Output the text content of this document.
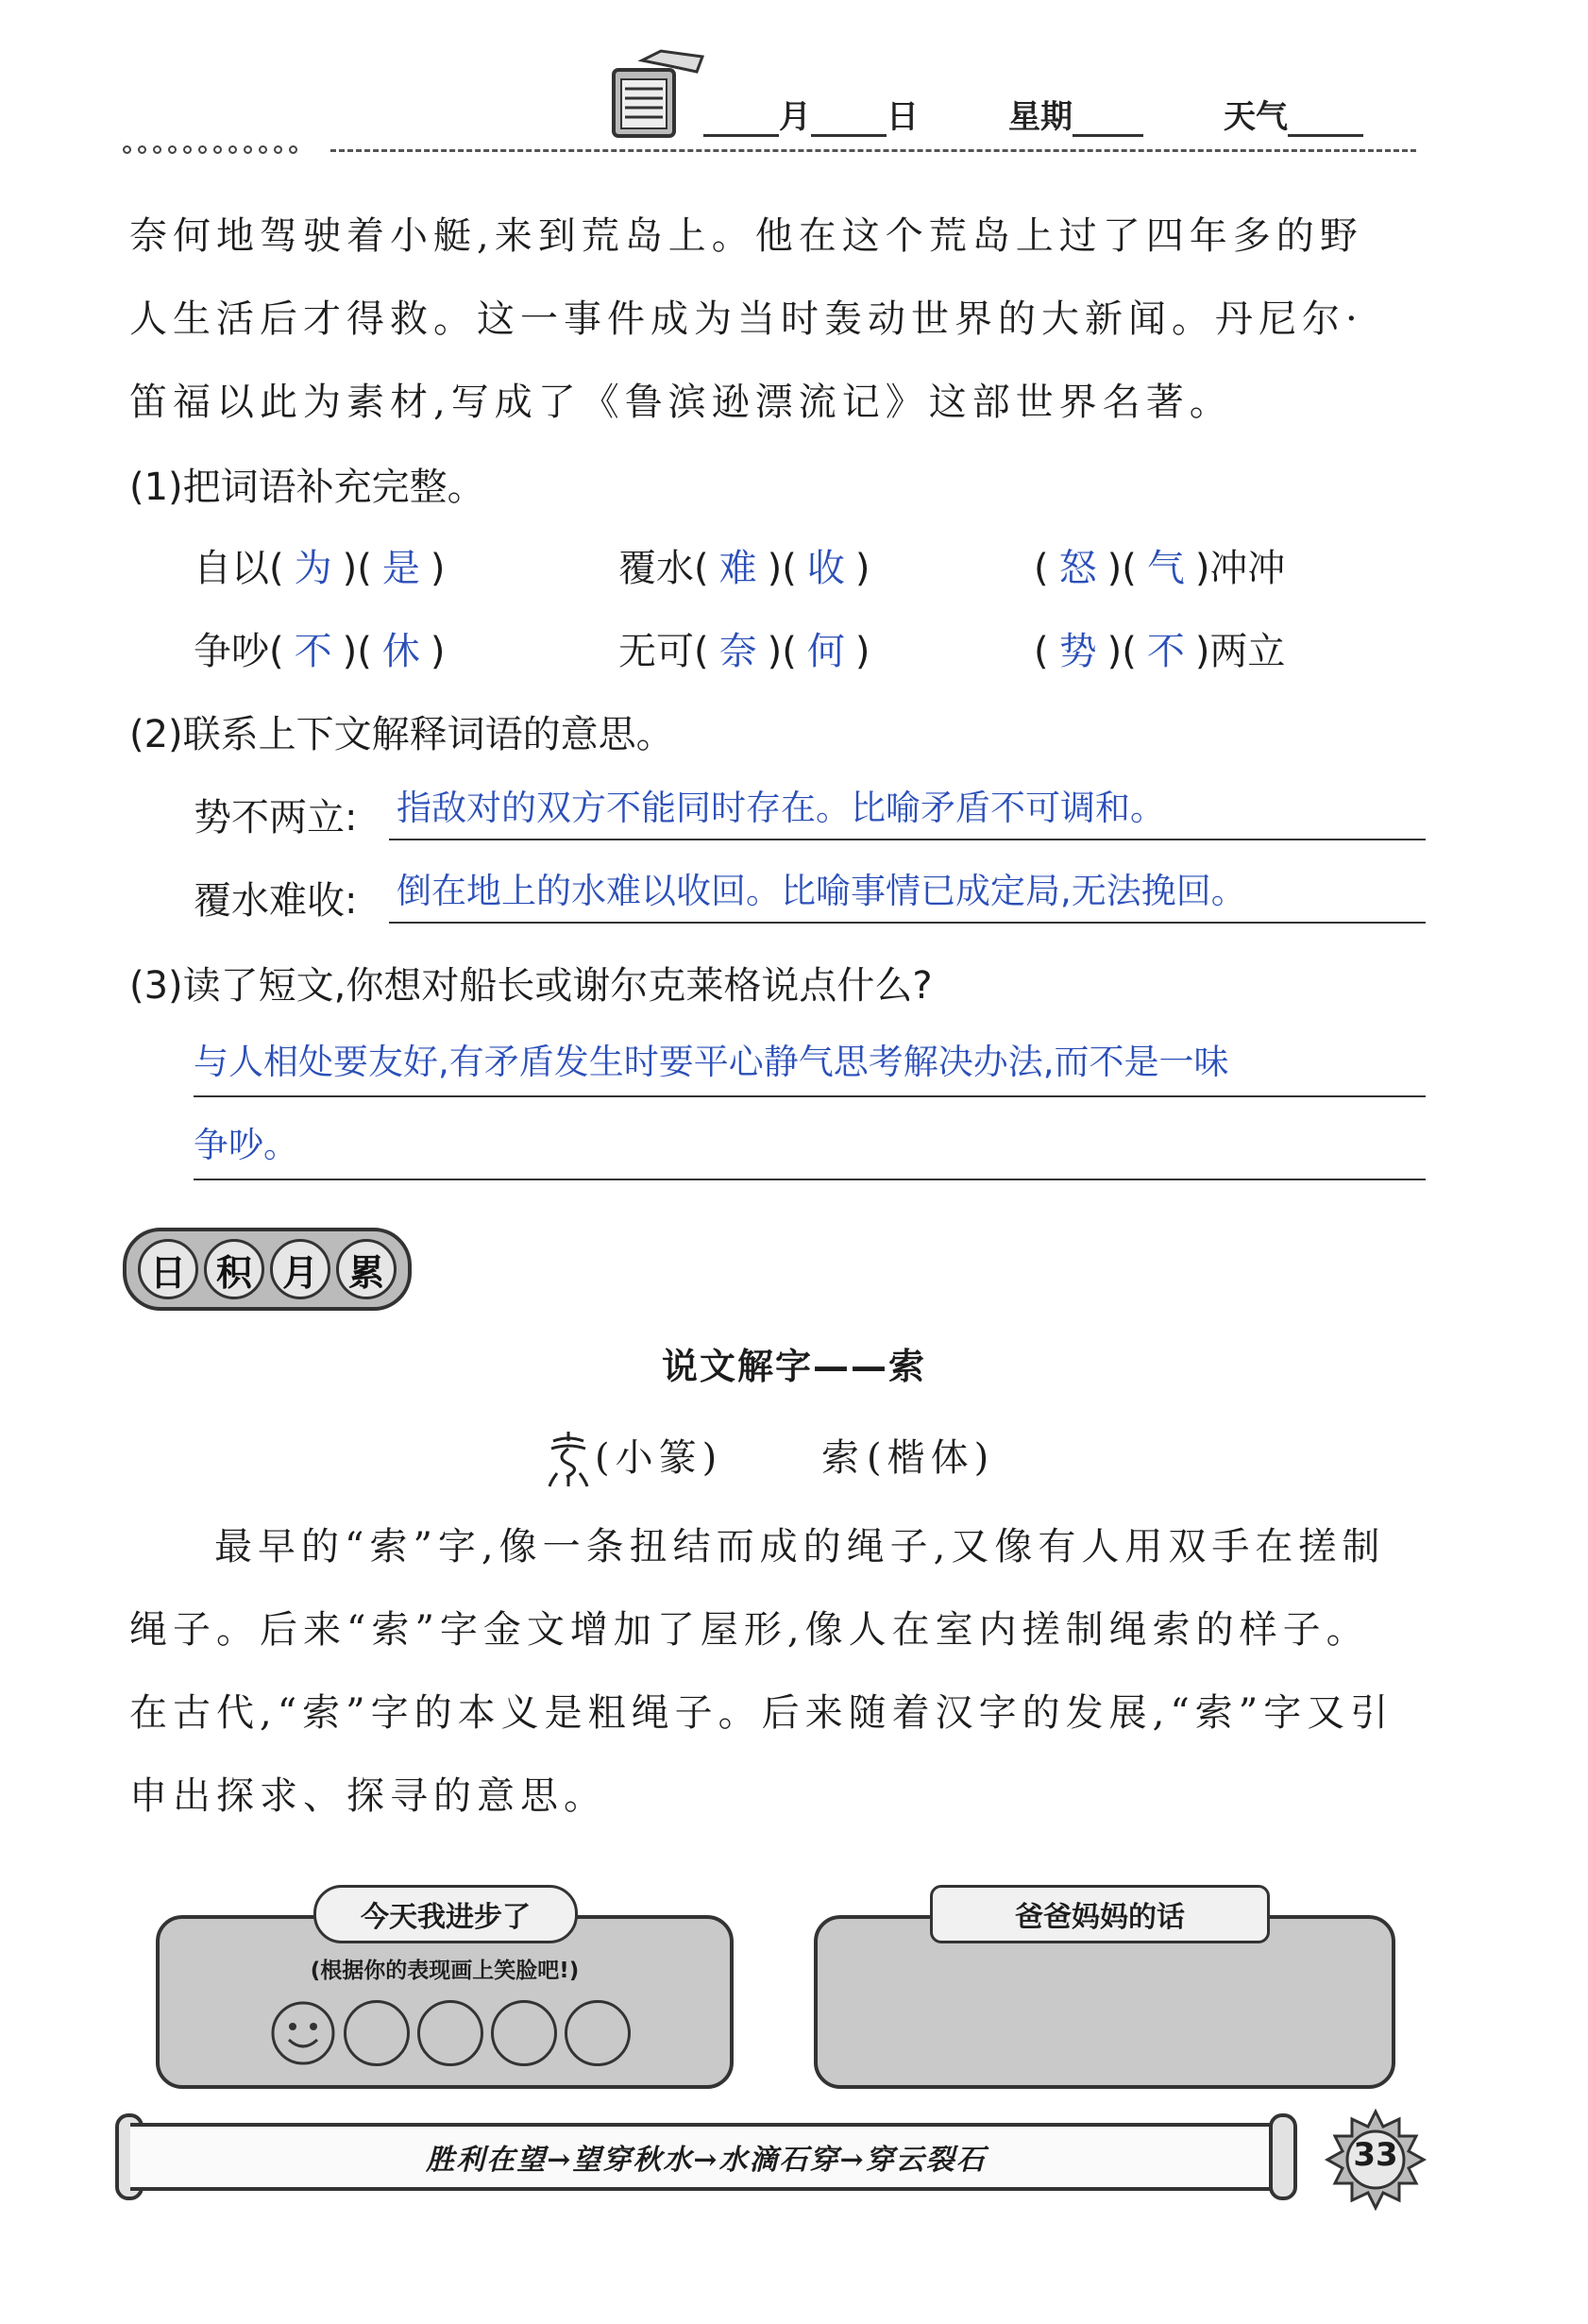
月 日	星期	天气
奈何地驾驶着小艇,来到荒岛上。他在这个荒岛上过了四年多的野
人生活后才得救。这一事件成为当时轰动世界的大新闻。丹尼尔·
笛福以此为素材,写成了《鲁滨逊漂流记》这部世界名著。
(1)把词语补充完整。
自以( 为 )( 是 )	覆水( 难 )( 收 )	( 怒 )( 气 )冲冲
争吵( 不 )( 休 )	无可( 奈 )( 何 )	( 势 )( 不 )两立
(2)联系上下文解释词语的意思。
势不两立: 指敌对的双方不能同时存在。比喻矛盾不可调和。
覆水难收: 倒在地上的水难以收回。比喻事情已成定局,无法挽回。
(3)读了短文,你想对船长或谢尔克莱格说点什么?
与人相处要友好,有矛盾发生时要平心静气思考解决办法,而不是一味
争吵。
日 积 月 累
说文解字——索
(小篆)	索 (楷体)
最早的“索”字,像一条扭结而成的绳子,又像有人用双手在搓制
绳子。后来“索”字金文增加了屋形,像人在室内搓制绳索的样子。
在古代,“索”字的本义是粗绳子。后来随着汉字的发展,“索”字又引
申出探求、探寻的意思。
今天我进步了
(根据你的表现画上笑脸吧!)
爸爸妈妈的话
胜利在望→望穿秋水→水滴石穿→穿云裂石	33
